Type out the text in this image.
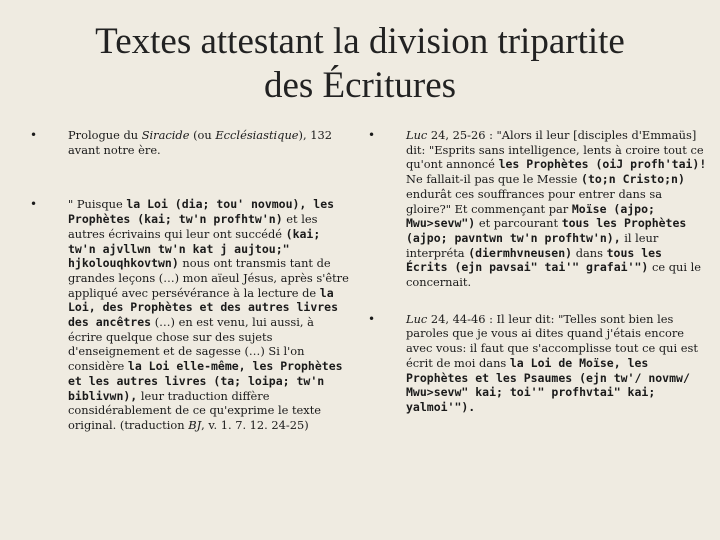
Textes attestant la division tripartite
des Écritures
•	Prologue du Siracide (ou Ecclésiastique), 132 avant notre ère.
•	" Puisque la Loi (dia; tou' novmou), les Prophètes (kai; tw'n profhtw'n) et les autres écrivains qui leur ont succédé (kai; tw'n ajvllwn tw'n kat j aujtou;" hjkolouqhkovtwn) nous ont transmis tant de grandes leçons (…) mon aïeul Jésus, après s'être appliqué avec persévérance à la lecture de la Loi, des Prophètes et des autres livres des ancêtres (…) en est venu, lui aussi, à écrire quelque chose sur des sujets d'enseignement et de sagesse (…) Si l'on considère la Loi elle-même, les Prophètes et les autres livres (ta; loipa; tw'n biblivwn), leur traduction diffère considérablement de ce qu'exprime le texte original. (traduction BJ, v. 1. 7. 12. 24-25)
•	Luc 24, 25-26 : "Alors il leur [disciples d'Emmaüs] dit: "Esprits sans intelligence, lents à croire tout ce qu'ont annoncé les Prophètes (oiJ profh'tai)! Ne fallait-il pas que le Messie (to;n Cristo;n) endurât ces souffrances pour entrer dans sa gloire?" Et commençant par Moïse (ajpo; Mwu>sevw") et parcourant tous les Prophètes (ajpo; pavntwn tw'n profhtw'n), il leur interpréta (diermhvneusen) dans tous les Écrits (ejn pavsai" tai'" grafai'") ce qui le concernait.
•	Luc 24, 44-46 : Il leur dit: "Telles sont bien les paroles que je vous ai dites quand j'étais encore avec vous: il faut que s'accomplisse tout ce qui est écrit de moi dans la Loi de Moïse, les Prophètes et les Psaumes (ejn tw'/ novmw/ Mwu>sevw" kai; toi'" profhvtai" kai; yalmoi'").
